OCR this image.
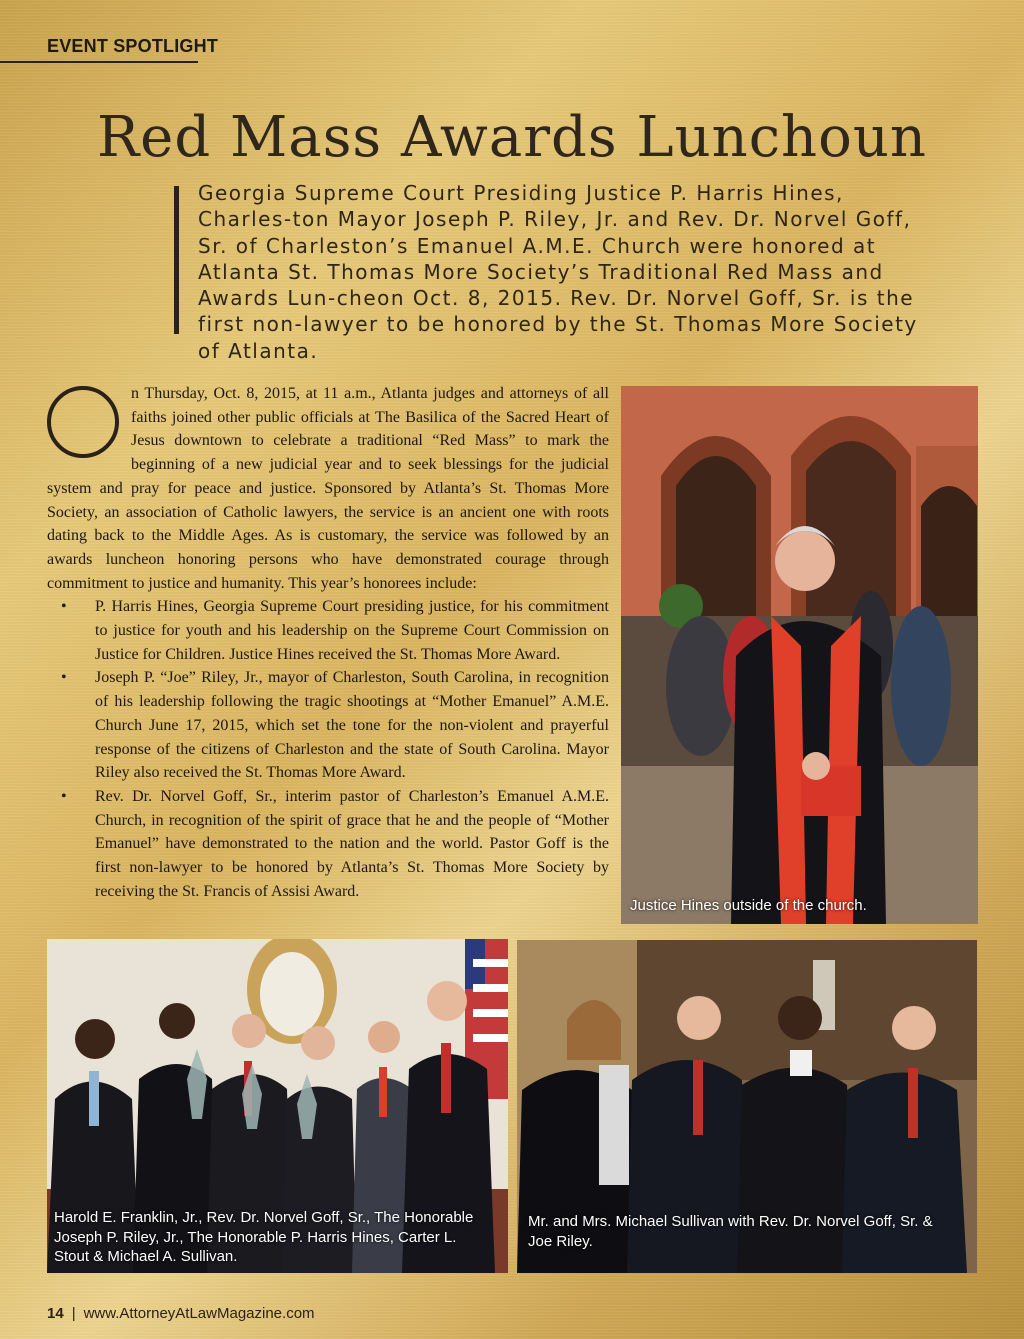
EVENT SPOTLIGHT
Red Mass Awards Lunchoun
Georgia Supreme Court Presiding Justice P. Harris Hines, Charles-ton Mayor Joseph P. Riley, Jr. and Rev. Dr. Norvel Goff, Sr. of Charleston’s Emanuel A.M.E. Church were honored at Atlanta St. Thomas More Society’s Traditional Red Mass and Awards Lun-cheon Oct. 8, 2015. Rev. Dr. Norvel Goff, Sr. is the first non-lawyer to be honored by the St. Thomas More Society of Atlanta.

n Thursday, Oct. 8, 2015, at 11 a.m., Atlanta judges and attorneys of all faiths joined other public officials at The Basilica of the Sacred Heart of Jesus downtown to celebrate a traditional “Red Mass” to mark the beginning of a new judicial year and to seek blessings for the judicial system and pray for peace and justice. Sponsored by Atlanta’s St. Thomas More Society, an association of Catholic lawyers, the service is an ancient one with roots dating back to the Middle Ages. As is customary, the service was followed by an awards luncheon honoring persons who have demonstrated courage through commitment to justice and humanity. This year’s honorees include:

• P. Harris Hines, Georgia Supreme Court presiding justice, for his commitment to justice for youth and his leadership on the Supreme Court Commission on Justice for Children. Justice Hines received the St. Thomas More Award.
• Joseph P. “Joe” Riley, Jr., mayor of Charleston, South Carolina, in recognition of his leadership following the tragic shootings at “Mother Emanuel” A.M.E. Church June 17, 2015, which set the tone for the non-violent and prayerful response of the citizens of Charleston and the state of South Carolina. Mayor Riley also received the St. Thomas More Award.
• Rev. Dr. Norvel Goff, Sr., interim pastor of Charleston’s Emanuel A.M.E. Church, in recognition of the spirit of grace that he and the people of “Mother Emanuel” have demonstrated to the nation and the world. Pastor Goff is the first non-lawyer to be honored by Atlanta’s St. Thomas More Society by receiving the St. Francis of Assisi Award.
Justice Hines outside of the church.
Harold E. Franklin, Jr., Rev. Dr. Norvel Goff, Sr., The Honorable Joseph P. Riley, Jr., The Honorable P. Harris Hines, Carter L. Stout & Michael A. Sullivan.
Mr. and Mrs. Michael Sullivan with Rev. Dr. Norvel Goff, Sr. & Joe Riley.
14 | www.AttorneyAtLawMagazine.com
